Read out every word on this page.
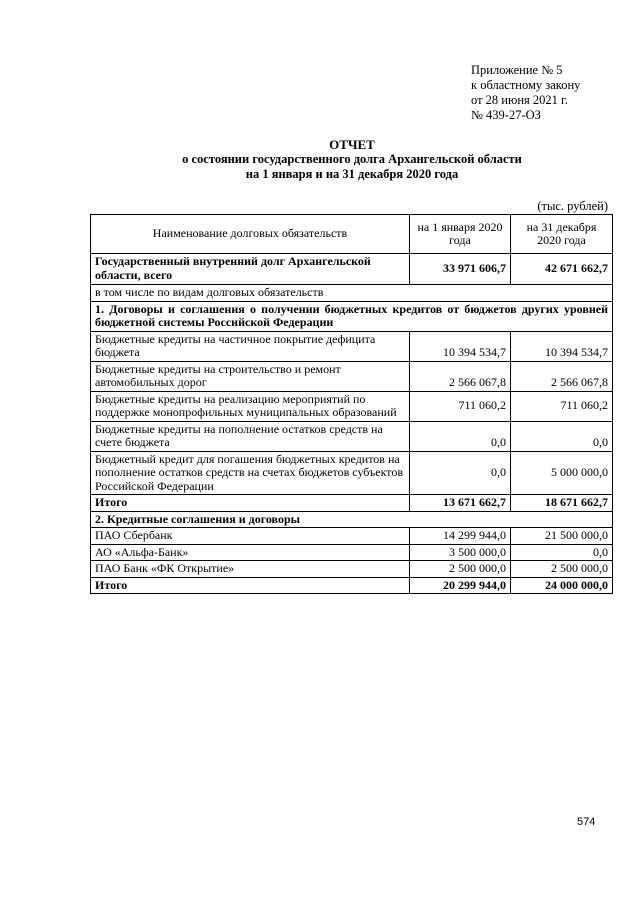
Приложение № 5
к областному закону
от 28 июня 2021 г.
№ 439-27-ОЗ
ОТЧЕТ
о состоянии государственного долга Архангельской области
на 1 января и на 31 декабря 2020 года
(тыс. рублей)
Наименование долговых обязательств	на 1 января 2020 года	на 31 декабря 2020 года
Государственный внутренний долг Архангельской области, всего	33 971 606,7	42 671 662,7
в том числе по видам долговых обязательств		
1. Договоры и соглашения о получении бюджетных кредитов от бюджетов других уровней бюджетной системы Российской Федерации		
Бюджетные кредиты на частичное покрытие дефицита бюджета	10 394 534,7	10 394 534,7
Бюджетные кредиты на строительство и ремонт автомобильных дорог	2 566 067,8	2 566 067,8
Бюджетные кредиты на реализацию мероприятий по поддержке монопрофильных муниципальных образований	711 060,2	711 060,2
Бюджетные кредиты на пополнение остатков средств на счете бюджета	0,0	0,0
Бюджетный кредит для погашения бюджетных кредитов на пополнение остатков средств на счетах бюджетов субъектов Российской Федерации	0,0	5 000 000,0
Итого	13 671 662,7	18 671 662,7
2. Кредитные соглашения и договоры		
ПАО Сбербанк	14 299 944,0	21 500 000,0
АО «Альфа-Банк»	3 500 000,0	0,0
ПАО Банк «ФК Открытие»	2 500 000,0	2 500 000,0
Итого	20 299 944,0	24 000 000,0
574
